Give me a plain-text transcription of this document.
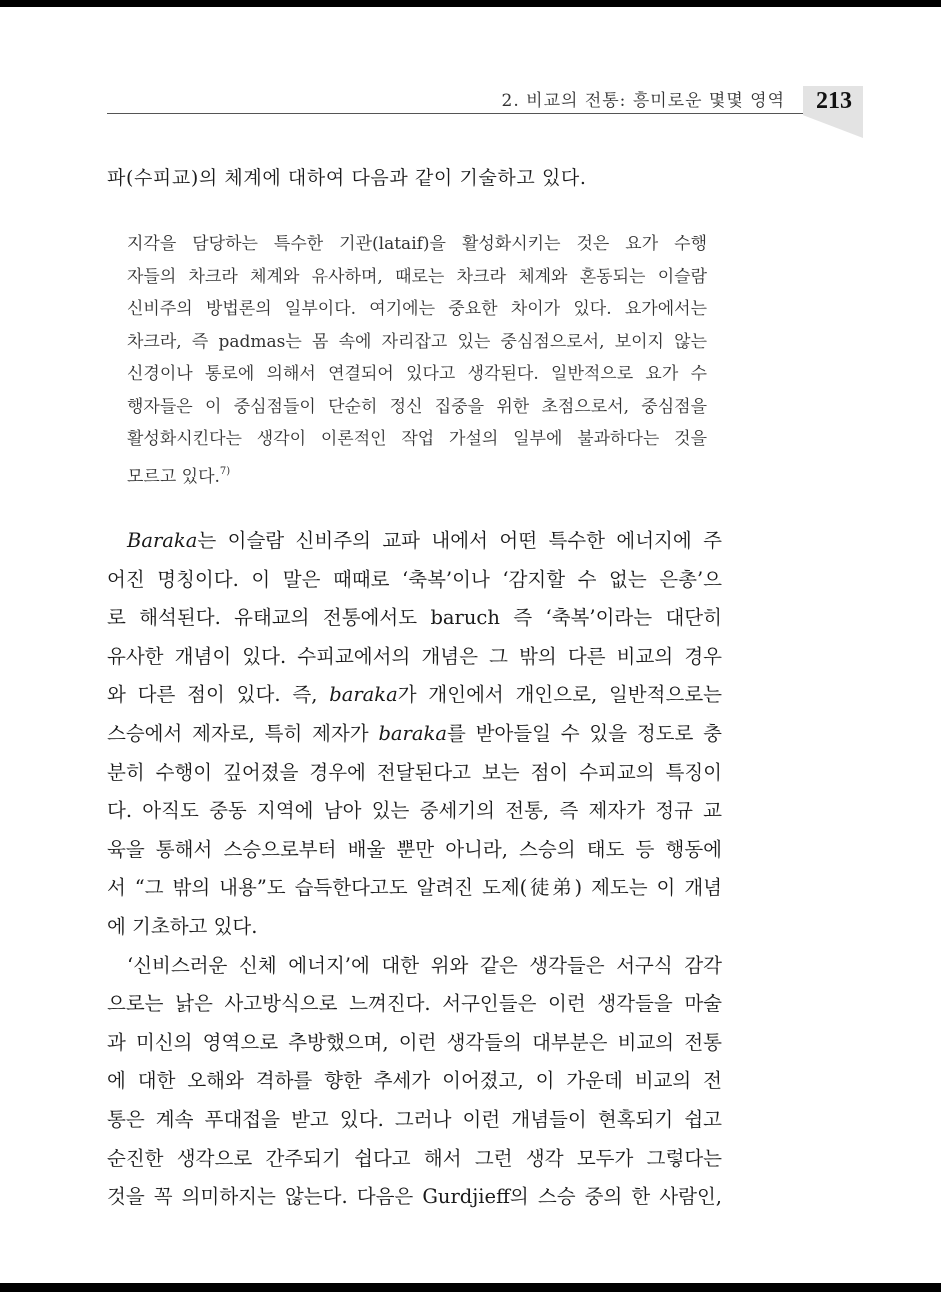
2. 비교의 전통: 흥미로운 몇몇 영역	213

파(수피교)의 체계에 대하여 다음과 같이 기술하고 있다.

지각을 담당하는 특수한 기관(lataif)을 활성화시키는 것은 요가 수행
자들의 차크라 체계와 유사하며, 때로는 차크라 체계와 혼동되는 이슬람
신비주의 방법론의 일부이다. 여기에는 중요한 차이가 있다. 요가에서는
차크라, 즉 padmas는 몸 속에 자리잡고 있는 중심점으로서, 보이지 않는
신경이나 통로에 의해서 연결되어 있다고 생각된다. 일반적으로 요가 수
행자들은 이 중심점들이 단순히 정신 집중을 위한 초점으로서, 중심점을
활성화시킨다는 생각이 이론적인 작업 가설의 일부에 불과하다는 것을
모르고 있다.$^{7)}$
Baraka는 이슬람 신비주의 교파 내에서 어떤 특수한 에너지에 주
어진 명칭이다. 이 말은 때때로 ‘축복’이나 ‘감지할 수 없는 은총’으
로 해석된다. 유태교의 전통에서도 baruch 즉 ‘축복’이라는 대단히
유사한 개념이 있다. 수피교에서의 개념은 그 밖의 다른 비교의 경우
와 다른 점이 있다. 즉, baraka가 개인에서 개인으로, 일반적으로는
스승에서 제자로, 특히 제자가 baraka를 받아들일 수 있을 정도로 충
분히 수행이 깊어졌을 경우에 전달된다고 보는 점이 수피교의 특징이
다. 아직도 중동 지역에 남아 있는 중세기의 전통, 즉 제자가 정규 교
육을 통해서 스승으로부터 배울 뿐만 아니라, 스승의 태도 등 행동에
서 “그 밖의 내용”도 습득한다고도 알려진 도제(徒弟) 제도는 이 개념
에 기초하고 있다.
‘신비스러운 신체 에너지’에 대한 위와 같은 생각들은 서구식 감각
으로는 낡은 사고방식으로 느껴진다. 서구인들은 이런 생각들을 마술
과 미신의 영역으로 추방했으며, 이런 생각들의 대부분은 비교의 전통
에 대한 오해와 격하를 향한 추세가 이어졌고, 이 가운데 비교의 전
통은 계속 푸대접을 받고 있다. 그러나 이런 개념들이 현혹되기 쉽고
순진한 생각으로 간주되기 쉽다고 해서 그런 생각 모두가 그렇다는
것을 꼭 의미하지는 않는다. 다음은 Gurdjieff의 스승 중의 한 사람인,
